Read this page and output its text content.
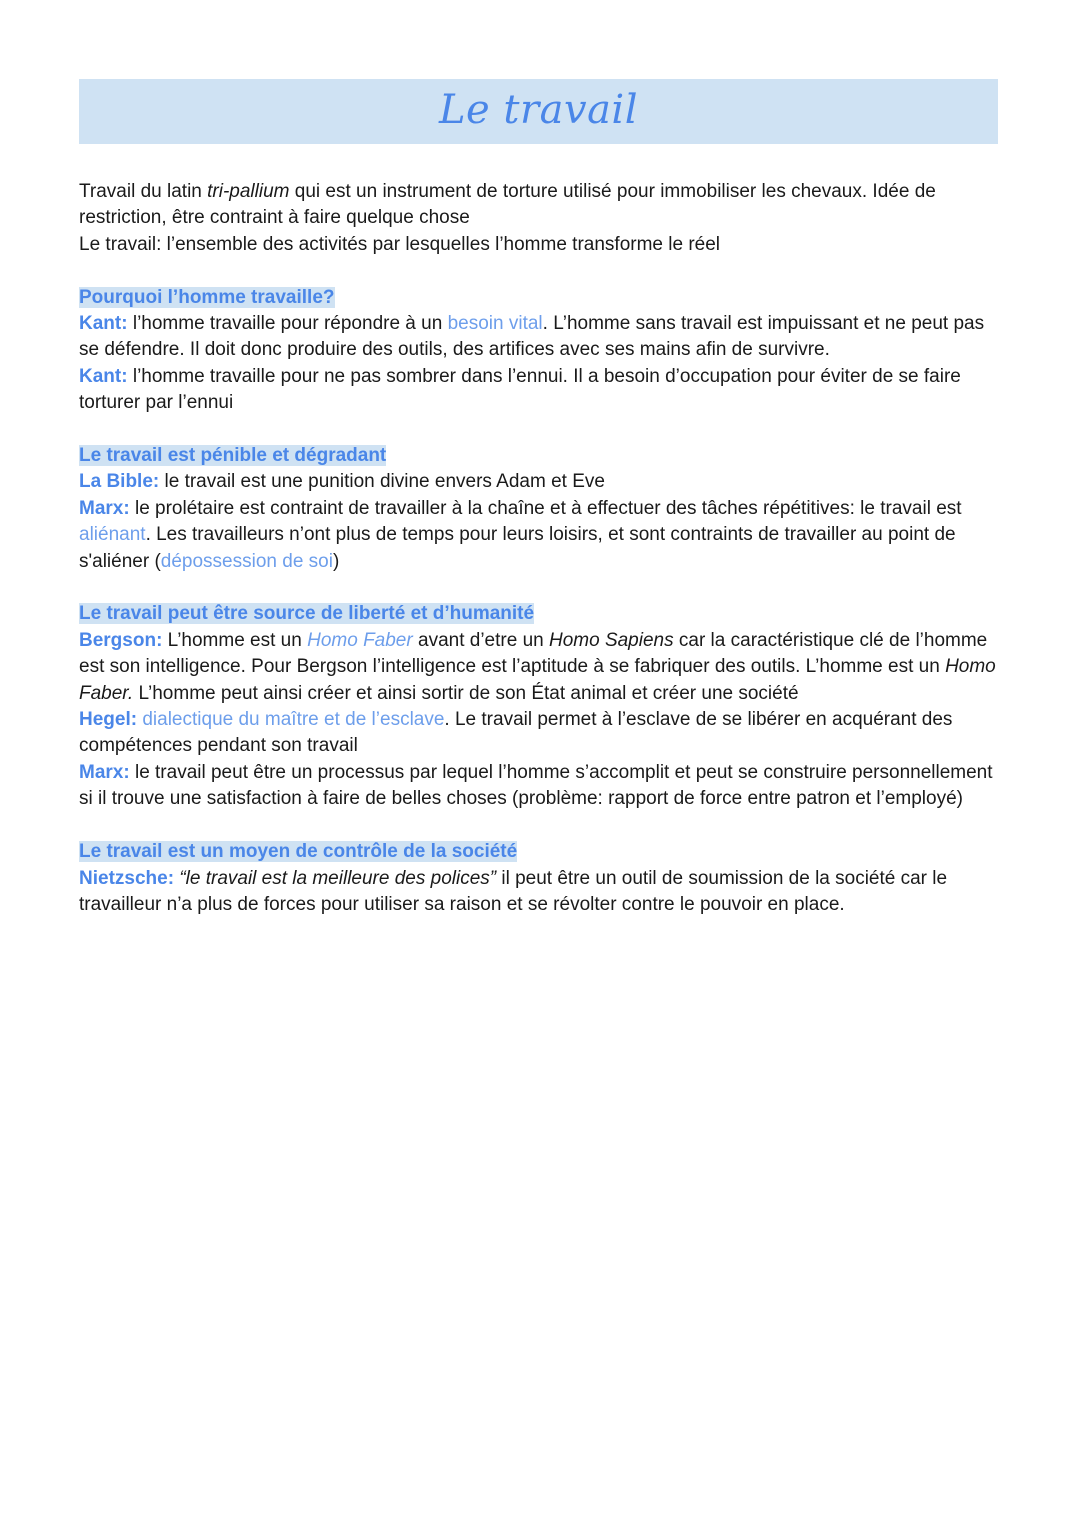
Le travail

Travail du latin tri-pallium qui est un instrument de torture utilisé pour immobiliser les chevaux. Idée de restriction, être contraint à faire quelque chose

Le travail: l’ensemble des activités par lesquelles l’homme transforme le réel

Pourquoi l’homme travaille?

Kant: l’homme travaille pour répondre à un besoin vital. L’homme sans travail est impuissant et ne peut pas se défendre. Il doit donc produire des outils, des artifices avec ses mains afin de survivre.

Kant: l’homme travaille pour ne pas sombrer dans l’ennui. Il a besoin d’occupation pour éviter de se faire torturer par l’ennui

Le travail est pénible et dégradant

La Bible: le travail est une punition divine envers Adam et Eve

Marx: le prolétaire est contraint de travailler à la chaîne et à effectuer des tâches répétitives: le travail est aliénant. Les travailleurs n’ont plus de temps pour leurs loisirs, et sont contraints de travailler au point de s'aliéner (dépossession de soi)

Le travail peut être source de liberté et d’humanité

Bergson: L’homme est un Homo Faber avant d’etre un Homo Sapiens car la caractéristique clé de l’homme est son intelligence. Pour Bergson l’intelligence est l’aptitude à se fabriquer des outils. L’homme est un Homo Faber. L’homme peut ainsi créer et ainsi sortir de son État animal et créer une société

Hegel: dialectique du maître et de l’esclave. Le travail permet à l’esclave de se libérer en acquérant des compétences pendant son travail

Marx: le travail peut être un processus par lequel l’homme s’accomplit et peut se construire personnellement si il trouve une satisfaction à faire de belles choses (problème: rapport de force entre patron et l’employé)

Le travail est un moyen de contrôle de la société

Nietzsche: “le travail est la meilleure des polices” il peut être un outil de soumission de la société car le travailleur n’a plus de forces pour utiliser sa raison et se révolter contre le pouvoir en place.
